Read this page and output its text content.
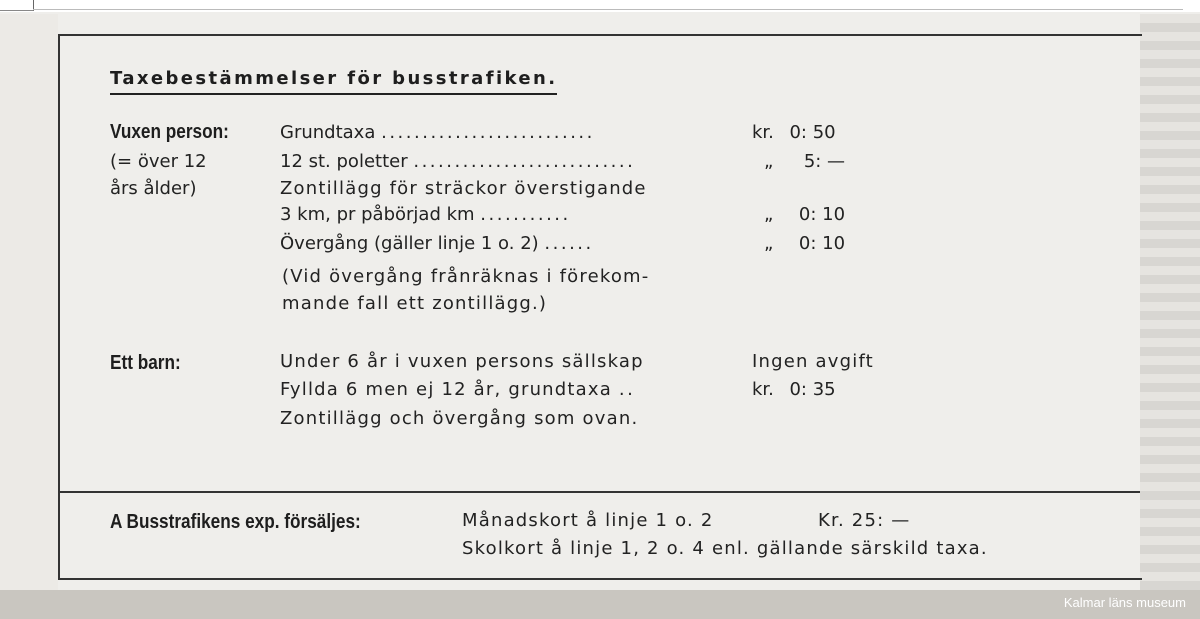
Taxebestämmelser för busstrafiken.
Vuxen person:
(= över 12
års ålder)
Grundtaxa ..........................	kr. 0: 50
12 st. poletter ...........................	„ 5: —
Zontillägg för sträckor överstigande
3 km, pr påbörjad km ...........	„ 0: 10
Övergång (gäller linje 1 o. 2) ......	„ 0: 10
(Vid övergång frånräknas i förekom-
mande fall ett zontillägg.)
Ett barn:	Under 6 år i vuxen persons sällskap	Ingen avgift
Fyllda 6 men ej 12 år, grundtaxa ..	kr. 0: 35
Zontillägg och övergång som ovan.
A Busstrafikens exp. försäljes:	Månadskort å linje 1 o. 2	Kr. 25: —
Skolkort å linje 1, 2 o. 4 enl. gällande särskild taxa.
Kalmar läns museum
